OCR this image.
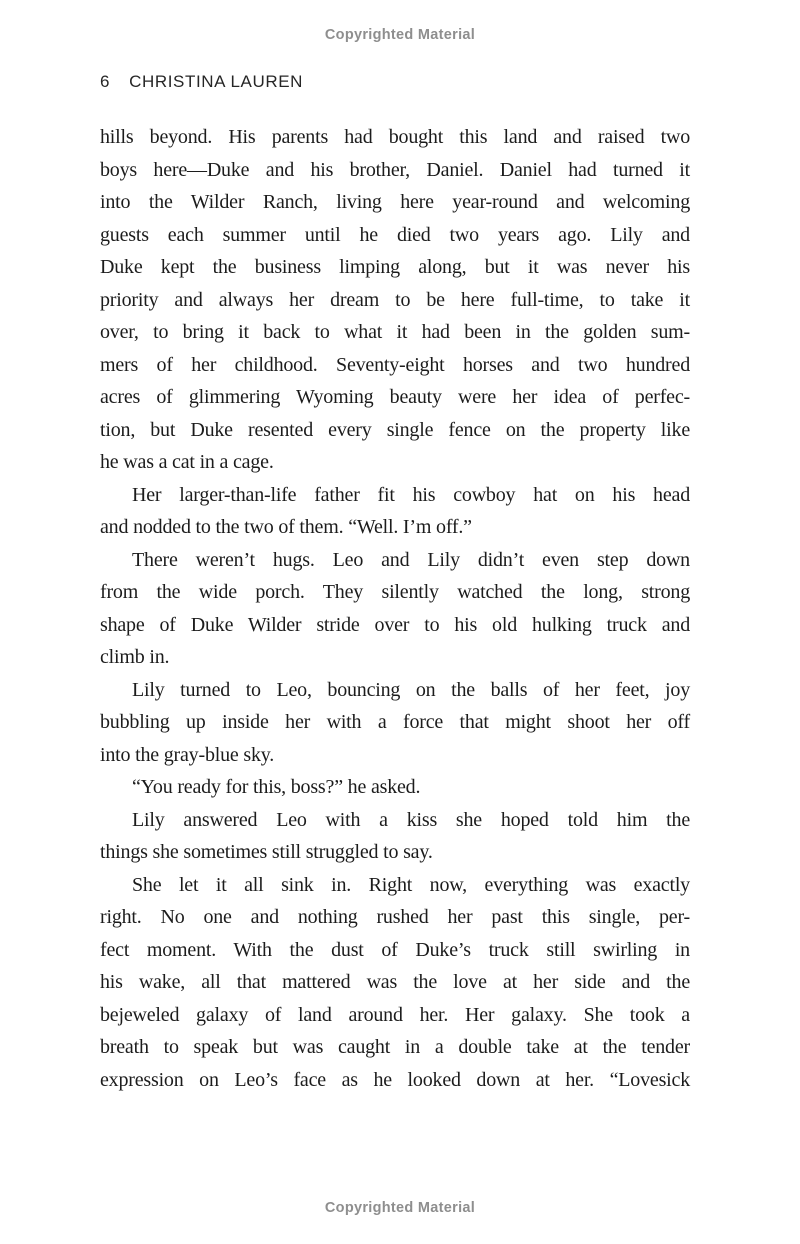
Copyrighted Material
6 CHRISTINA LAUREN
hills beyond. His parents had bought this land and raised two
boys here—Duke and his brother, Daniel. Daniel had turned it
into the Wilder Ranch, living here year-round and welcoming
guests each summer until he died two years ago. Lily and
Duke kept the business limping along, but it was never his
priority and always her dream to be here full-time, to take it
over, to bring it back to what it had been in the golden sum-
mers of her childhood. Seventy-eight horses and two hundred
acres of glimmering Wyoming beauty were her idea of perfec-
tion, but Duke resented every single fence on the property like
he was a cat in a cage.
Her larger-than-life father fit his cowboy hat on his head
and nodded to the two of them. “Well. I’m off.”
There weren’t hugs. Leo and Lily didn’t even step down
from the wide porch. They silently watched the long, strong
shape of Duke Wilder stride over to his old hulking truck and
climb in.
Lily turned to Leo, bouncing on the balls of her feet, joy
bubbling up inside her with a force that might shoot her off
into the gray-blue sky.
“You ready for this, boss?” he asked.
Lily answered Leo with a kiss she hoped told him the
things she sometimes still struggled to say.
She let it all sink in. Right now, everything was exactly
right. No one and nothing rushed her past this single, per-
fect moment. With the dust of Duke’s truck still swirling in
his wake, all that mattered was the love at her side and the
bejeweled galaxy of land around her. Her galaxy. She took a
breath to speak but was caught in a double take at the tender
expression on Leo’s face as he looked down at her. “Lovesick
Copyrighted Material
